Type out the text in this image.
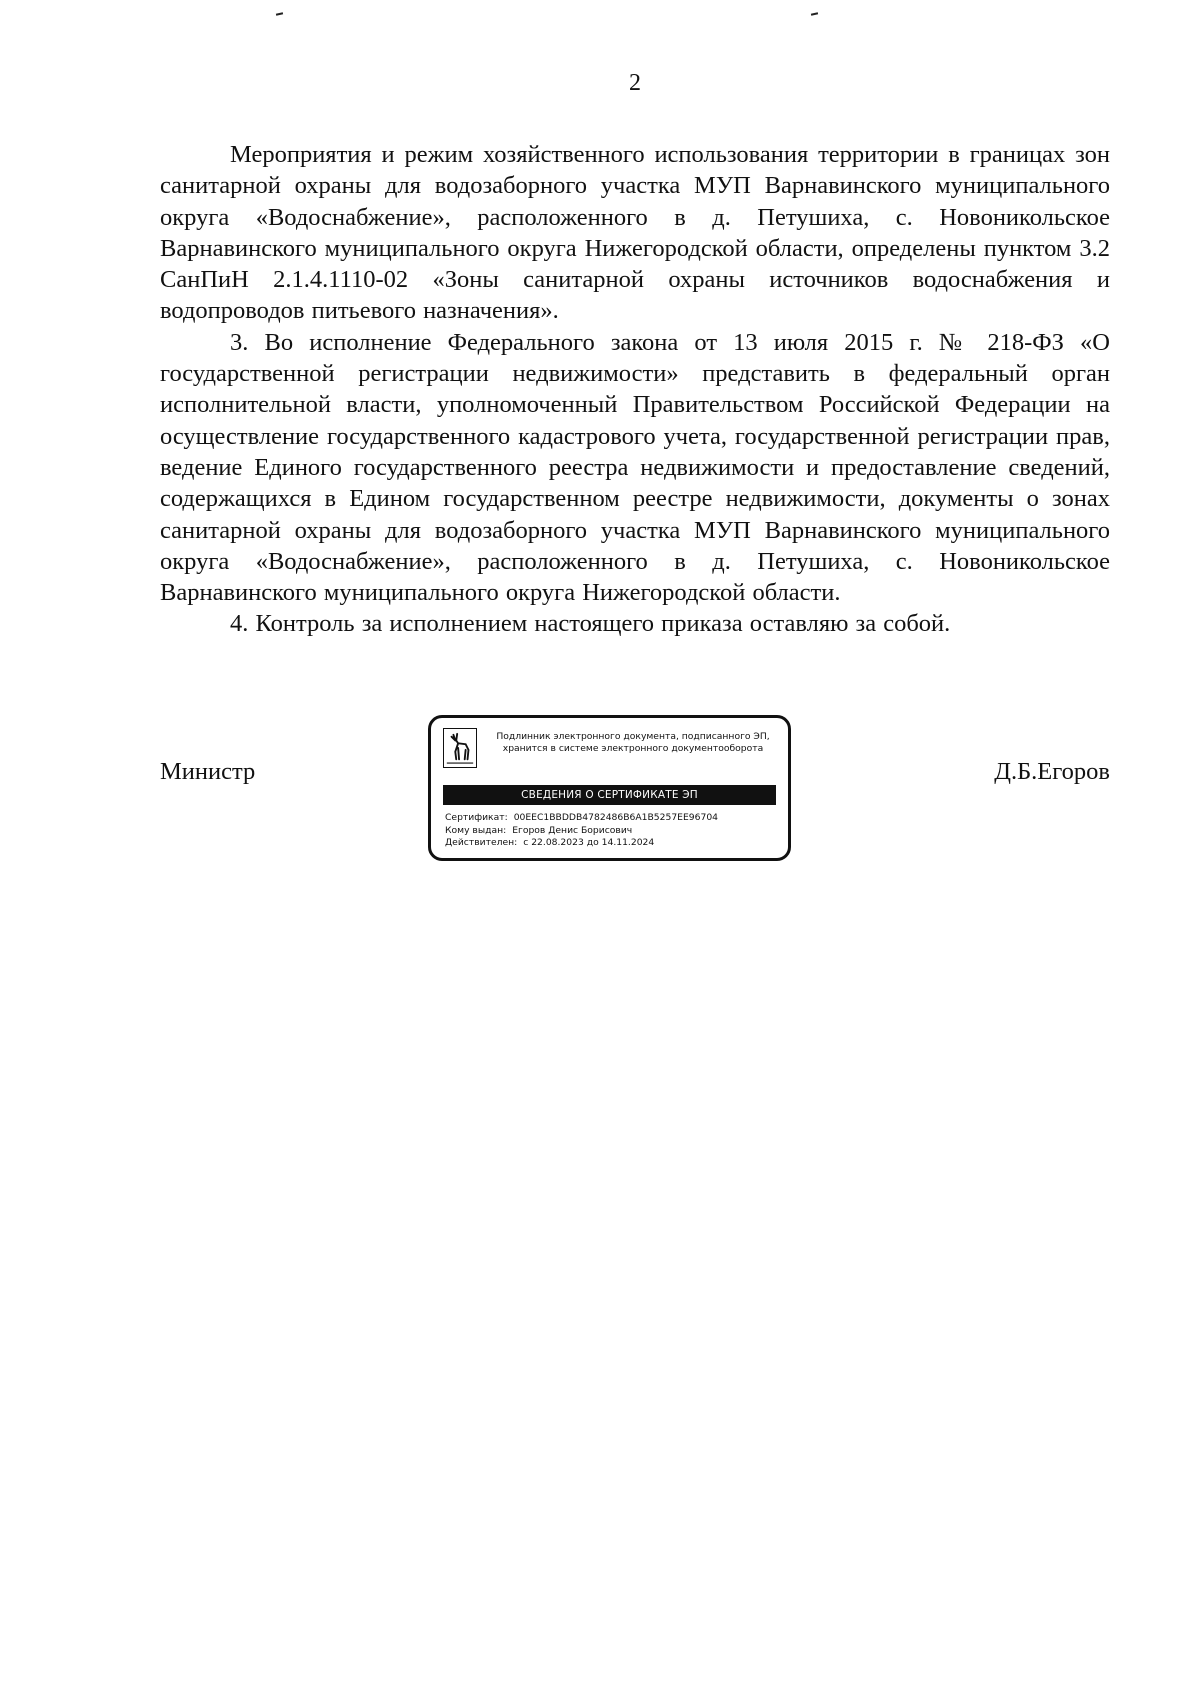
2

Мероприятия и режим хозяйственного использования территории в границах зон санитарной охраны для водозаборного участка МУП Варнавинского муниципального округа «Водоснабжение», расположенного в д. Петушиха, с. Новоникольское Варнавинского муниципального округа Нижегородской области, определены пунктом 3.2 СанПиН 2.1.4.1110-02 «Зоны санитарной охраны источников водоснабжения и водопроводов питьевого назначения».

3. Во исполнение Федерального закона от 13 июля 2015 г. № 218-ФЗ «О государственной регистрации недвижимости» представить в федеральный орган исполнительной власти, уполномоченный Правительством Российской Федерации на осуществление государственного кадастрового учета, государственной регистрации прав, ведение Единого государственного реестра недвижимости и предоставление сведений, содержащихся в Едином государственном реестре недвижимости, документы о зонах санитарной охраны для водозаборного участка МУП Варнавинского муниципального округа «Водоснабжение», расположенного в д. Петушиха, с. Новоникольское Варнавинского муниципального округа Нижегородской области.

4. Контроль за исполнением настоящего приказа оставляю за собой.

Министр
Подлинник электронного документа, подписанного ЭП,
хранится в системе электронного документооборота
СВЕДЕНИЯ О СЕРТИФИКАТЕ ЭП
Сертификат: 00EEC1BBDDB4782486B6A1B5257EE96704
Кому выдан: Егоров Денис Борисович
Действителен: с 22.08.2023 до 14.11.2024
Д.Б.Егоров
